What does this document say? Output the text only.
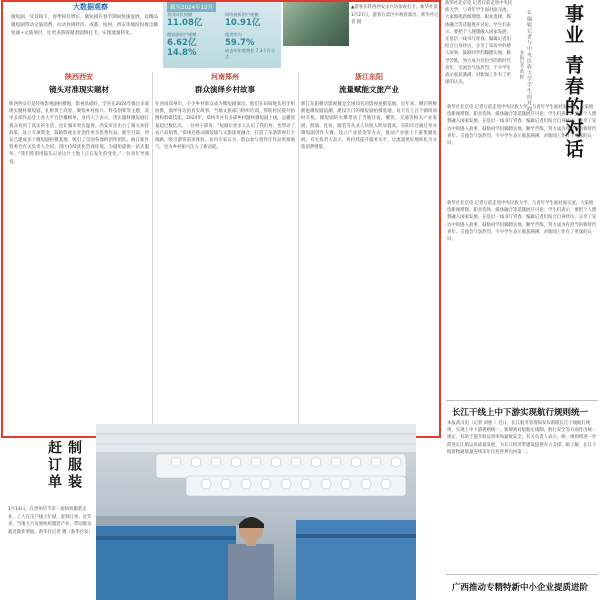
大数据观察
微短剧，及其线下，春季间有增长，微短剧在春节期间快速发展，以精品微短剧带动文旅消费，拉动县域经济。成都、杭州、西安等地纷纷推出微短剧+文旅项目，让更多游客循着剧情打卡，实现流量转化。
截至2024年12月
我国网民规模
11.08亿
网络视听用户规模
10.91亿
微短剧用户规模
6.62亿
14.8%
使用率为
59.7%
较去年年底增长 7.3个百分点
▲游客在陕西西安永兴坊参观打卡。新华社发 1月27日，游客在景区中观看演出。新华社记者 摄
陕西西安
镜头对准现实题材
陕西西安市是传统影视剧拍摄地，影视基础好。全省在2024年推出多部现实题材微短剧，扎根黄土高原，聚焦乡村振兴、科技创新等主题，其中多部作品登上各大平台热播榜单。业内人士表示，现实题材微短剧让观众看到了真实的生活，也让城市更有温度。西安市还出台了相关扶持政策，设立专项资金，鼓励影视企业创作更多优秀作品。截至目前，西安已建成多个微短剧拍摄基地，吸引了全国各地的创作团队。曲江新区管委会有关负责人介绍，园区持续优化营商环境，为剧组提供一站式服务。“我们希望用镜头记录这片土地上正在发生的变化。”一位青年导演说。
河南郑州
群众演绎乡村故事
在河南郑州市，不少乡村群众成为微短剧演员。他们在田间地头用手机拍摄，演绎身边的真实故事。当地文旅部门组织培训，帮助村民提升拍摄和剪辑技能。2024年，郑州市共有多部乡村题材微短剧上线，总播放量超过数亿次。一位村干部说：“短剧让更多人认识了我们村，也带动了农产品销售。”郑州还推动微短剧与文旅深度融合，打造了多条影视打卡线路，吸引游客前来体验。业内专家认为，群众参与创作让作品更接地气，也为乡村振兴注入了新动能。
浙江东阳
流量赋能文旅产业
浙江东阳横店影视城是全国知名的影视拍摄基地。近年来，横店积极拥抱微短剧浪潮，建设专门的微短剧拍摄基地，每天有上百个剧组同时开机。微短剧的火爆带动了当地住宿、餐饮、交通等相关产业发展，群演、化妆、服装等从业人员收入明显提高。东阳市还通过举办微短剧创作大赛、设立产业基金等方式，推动产业链上下游集聚发展。有关负责人表示，将持续提升服务水平，让流量更好地转化为文旅消费增量。
新华社北京电 记者日前走进中央民族大学，与青年学生面对面交流。大家围绕新闻理想、职业选择、媒体融合等话题展开讨论。学生们表示，要把个人理想融入国家发展，在基层一线书写青春。编辑记者们结合自身经历，分享了采访中的感人故事，鼓励同学们脚踏实地、勤学苦练，努力成为有担当的新时代青年。交流会气氛热烈，不少学生表示收获满满，对新闻工作有了更深的认识。	年编辑记者与中央民族大学学生面对面 事业 青春的对话
本报记者 黄 程
新华社北京电 记者日前走进中央民族大学，与青年学生面对面交流。大家围绕新闻理想、职业选择、媒体融合等话题展开讨论。学生们表示，要把个人理想融入国家发展，在基层一线书写青春。编辑记者们结合自身经历，分享了采访中的感人故事，鼓励同学们脚踏实地、勤学苦练，努力成为有担当的新时代青年。交流会气氛热烈，不少学生表示收获满满，对新闻工作有了更深的认识。
新华社北京电 记者日前走进中央民族大学，与青年学生面对面交流。大家围绕新闻理想、职业选择、媒体融合等话题展开讨论。学生们表示，要把个人理想融入国家发展，在基层一线书写青春。编辑记者们结合自身经历，分享了采访中的感人故事，鼓励同学们脚踏实地、勤学苦练，努力成为有担当的新时代青年。交流会气氛热烈，不少学生表示收获满满，对新闻工作有了更深的认识。
长江干线上中下游实现航行规则统一
本报武汉电（记者 刘惠 ）近日，长江航务管理局发布新版长江干线航行规则，实现上中下游规则统一。新规则对船舶定线制、航行安全等方面作出统一规定，有助于提升航运效率和通航安全。有关负责人表示，统一规则将进一步促进长江航运高质量发展，为长江经济带建设提供有力支撑。据了解，长江干线货物通航量连续多年位居世界内河第一。
广西推动专精特新中小企业提质进阶
赶订单 制服装
1月14日，在贵州毕节市一家纺织服装企业，工人在生产线上忙碌，赶制订单。近年来，当地大力发展纺织服装产业，带动群众就近就业增收。新华社记者 摄（新华社发）
